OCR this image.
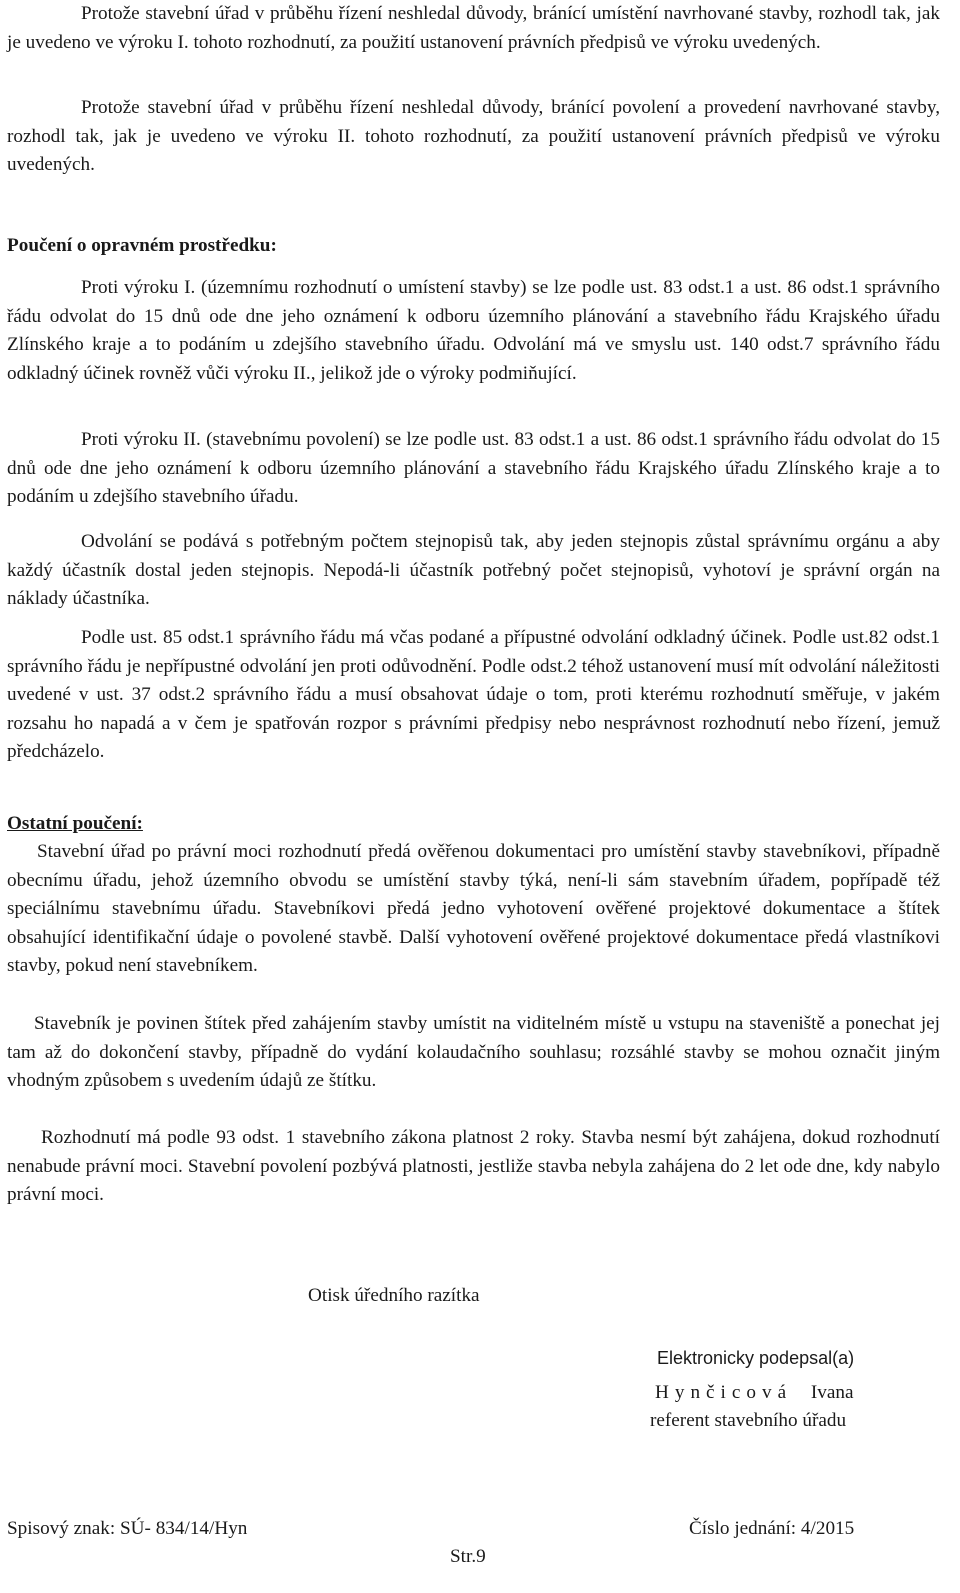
Protože stavební úřad v průběhu řízení neshledal důvody, bránící umístění navrhované stavby, rozhodl tak, jak je uvedeno ve výroku I. tohoto rozhodnutí, za použití ustanovení právních předpisů ve výroku uvedených.

Protože stavební úřad v průběhu řízení neshledal důvody, bránící povolení a provedení navrhované stavby, rozhodl tak, jak je uvedeno ve výroku II. tohoto rozhodnutí, za použití ustanovení právních předpisů ve výroku uvedených.

Poučení o opravném prostředku:

Proti výroku I. (územnímu rozhodnutí o umístení stavby) se lze podle ust. 83 odst.1 a ust. 86 odst.1 správního řádu odvolat do 15 dnů ode dne jeho oznámení k odboru územního plánování a stavebního řádu Krajského úřadu Zlínského kraje a to podáním u zdejšího stavebního úřadu. Odvolání má ve smyslu ust. 140 odst.7 správního řádu odkladný účinek rovněž vůči výroku II., jelikož jde o výroky podmiňující.

Proti výroku II. (stavebnímu povolení) se lze podle ust. 83 odst.1 a ust. 86 odst.1 správního řádu odvolat do 15 dnů ode dne jeho oznámení k odboru územního plánování a stavebního řádu Krajského úřadu Zlínského kraje a to podáním u zdejšího stavebního úřadu.

Odvolání se podává s potřebným počtem stejnopisů tak, aby jeden stejnopis zůstal správnímu orgánu a aby každý účastník dostal jeden stejnopis. Nepodá-li účastník potřebný počet stejnopisů, vyhotoví je správní orgán na náklady účastníka.

Podle ust. 85 odst.1 správního řádu má včas podané a přípustné odvolání odkladný účinek. Podle ust.82 odst.1 správního řádu je nepřípustné odvolání jen proti odůvodnění. Podle odst.2 téhož ustanovení musí mít odvolání náležitosti uvedené v ust. 37 odst.2 správního řádu a musí obsahovat údaje o tom, proti kterému rozhodnutí směřuje, v jakém rozsahu ho napadá a v čem je spatřován rozpor s právními předpisy nebo nesprávnost rozhodnutí nebo řízení, jemuž předcházelo.

Ostatní poučení:

Stavební úřad po právní moci rozhodnutí předá ověřenou dokumentaci pro umístění stavby stavebníkovi, případně obecnímu úřadu, jehož územního obvodu se umístění stavby týká, není-li sám stavebním úřadem, popřípadě též speciálnímu stavebnímu úřadu. Stavebníkovi předá jedno vyhotovení ověřené projektové dokumentace a štítek obsahující identifikační údaje o povolené stavbě. Další vyhotovení ověřené projektové dokumentace předá vlastníkovi stavby, pokud není stavebníkem.

Stavebník je povinen štítek před zahájením stavby umístit na viditelném místě u vstupu na staveniště a ponechat jej tam až do dokončení stavby, případně do vydání kolaudačního souhlasu; rozsáhlé stavby se mohou označit jiným vhodným způsobem s uvedením údajů ze štítku.

Rozhodnutí má podle 93 odst. 1 stavebního zákona platnost 2 roky. Stavba nesmí být zahájena, dokud rozhodnutí nenabude právní moci. Stavební povolení pozbývá platnosti, jestliže stavba nebyla zahájena do 2 let ode dne, kdy nabylo právní moci.

Otisk úředního razítka
Elektronicky podepsal(a)
Hynčicová Ivana
referent stavebního úřadu
Spisový znak: SÚ- 834/14/Hyn	Číslo jednání: 4/2015
Str.9
